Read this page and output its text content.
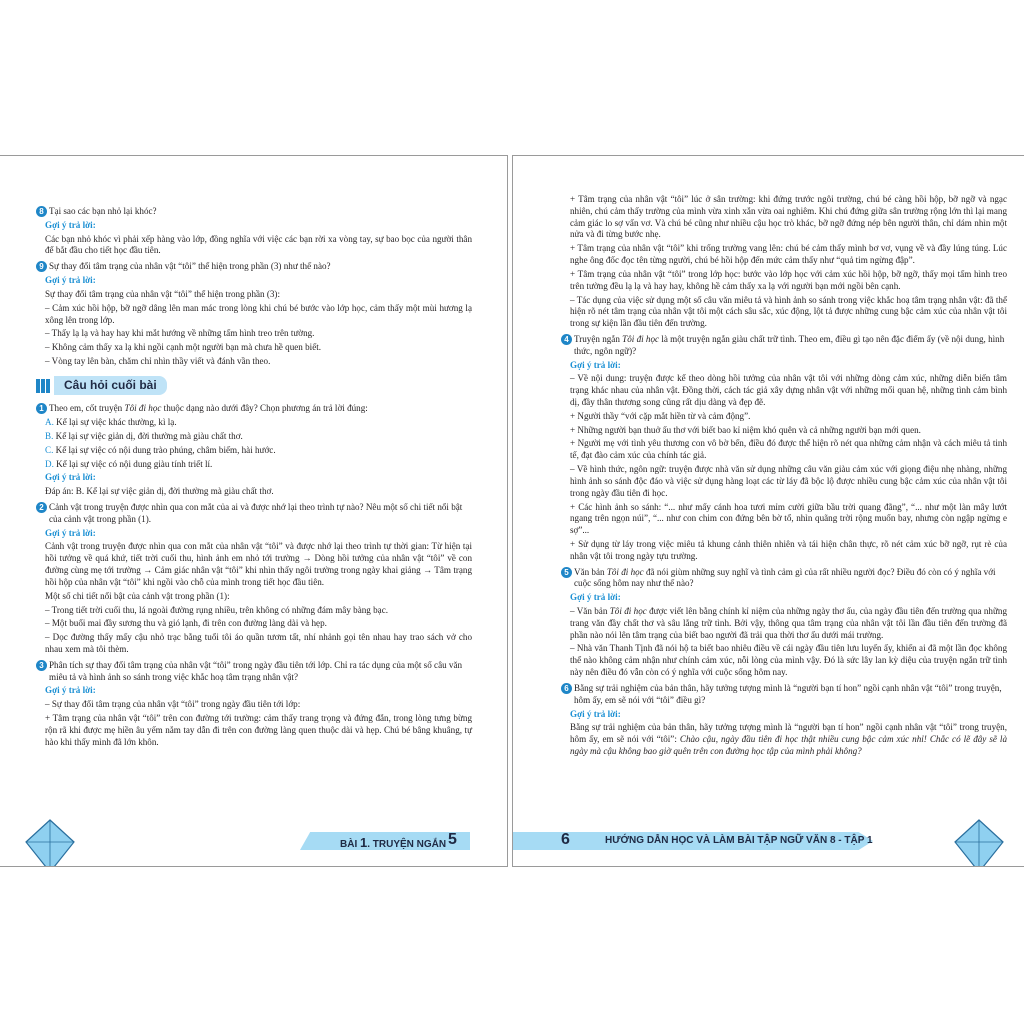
8 Tại sao các bạn nhỏ lại khóc?
Gợi ý trả lời:
Các bạn nhỏ khóc vì phải xếp hàng vào lớp, đồng nghĩa với việc các bạn rời xa vòng tay, sự bao bọc của người thân để bắt đầu cho tiết học đầu tiên.
9 Sự thay đổi tâm trạng của nhân vật “tôi” thể hiện trong phần (3) như thế nào?
Gợi ý trả lời:
Sự thay đổi tâm trạng của nhân vật “tôi” thể hiện trong phần (3):
– Cảm xúc hồi hộp, bỡ ngỡ dâng lên man mác trong lòng khi chú bé bước vào lớp học, cảm thấy một mùi hương lạ xông lên trong lớp.
– Thấy lạ lạ và hay hay khi mắt hướng về những tấm hình treo trên tường.
– Không cảm thấy xa lạ khi ngồi cạnh một người bạn mà chưa hề quen biết.
– Vòng tay lên bàn, chăm chỉ nhìn thầy viết và đánh vần theo.
Câu hỏi cuối bài
1 Theo em, cốt truyện Tôi đi học thuộc dạng nào dưới đây? Chọn phương án trả lời đúng:
A. Kể lại sự việc khác thường, kì lạ.
B. Kể lại sự việc giản dị, đời thường mà giàu chất thơ.
C. Kể lại sự việc có nội dung trào phúng, châm biếm, hài hước.
D. Kể lại sự việc có nội dung giàu tính triết lí.
Gợi ý trả lời:
Đáp án: B. Kể lại sự việc giản dị, đời thường mà giàu chất thơ.
2 Cảnh vật trong truyện được nhìn qua con mắt của ai và được nhớ lại theo trình tự nào? Nêu một số chi tiết nổi bật của cảnh vật trong phần (1).
Gợi ý trả lời:
Cảnh vật trong truyện được nhìn qua con mắt của nhân vật “tôi” và được nhớ lại theo trình tự thời gian: Từ hiện tại hồi tưởng về quá khứ, tiết trời cuối thu, hình ảnh em nhỏ tới trường → Dòng hồi tưởng của nhân vật “tôi” về con đường cùng mẹ tới trường → Cảm giác nhân vật “tôi” khi nhìn thấy ngôi trường trong ngày khai giảng → Tâm trạng hồi hộp của nhân vật “tôi” khi ngồi vào chỗ của mình trong tiết học đầu tiên.
Một số chi tiết nổi bật của cảnh vật trong phần (1):
– Trong tiết trời cuối thu, lá ngoài đường rụng nhiều, trên không có những đám mây bàng bạc.
– Một buổi mai đầy sương thu và gió lạnh, đi trên con đường làng dài và hẹp.
– Dọc đường thấy mấy cậu nhỏ trạc bằng tuổi tôi áo quần tươm tất, nhí nhảnh gọi tên nhau hay trao sách vở cho nhau xem mà tôi thèm.
3 Phân tích sự thay đổi tâm trạng của nhân vật “tôi” trong ngày đầu tiên tới lớp. Chỉ ra tác dụng của một số câu văn miêu tả và hình ảnh so sánh trong việc khắc hoạ tâm trạng nhân vật?
Gợi ý trả lời:
– Sự thay đổi tâm trạng của nhân vật “tôi” trong ngày đầu tiên tới lớp:
+ Tâm trạng của nhân vật “tôi” trên con đường tới trường: cảm thấy trang trọng và đứng đắn, trong lòng tưng bừng rộn rã khi được mẹ hiền âu yếm nắm tay dẫn đi trên con đường làng quen thuộc dài và hẹp. Chú bé bâng khuâng, tự hào khi thấy mình đã lớn khôn.
BÀI 1. TRUYỆN NGẮN 5
+ Tâm trạng của nhân vật “tôi” lúc ở sân trường: khi đứng trước ngôi trường, chú bé càng hồi hộp, bỡ ngỡ và ngạc nhiên, chú cảm thấy trường của mình vừa xinh xắn vừa oai nghiêm. Khi chú đứng giữa sân trường rộng lớn thì lại mang cảm giác lo sợ vẩn vơ. Và chú bé cũng như nhiều cậu học trò khác, bỡ ngỡ đứng nép bên người thân, chỉ dám nhìn một nửa và đi từng bước nhẹ.
+ Tâm trạng của nhân vật “tôi” khi trống trường vang lên: chú bé cảm thấy mình bơ vơ, vụng về và đầy lúng túng. Lúc nghe ông đốc đọc tên từng người, chú bé hồi hộp đến mức cảm thấy như “quả tim ngừng đập”.
+ Tâm trạng của nhân vật “tôi” trong lớp học: bước vào lớp học với cảm xúc hồi hộp, bỡ ngỡ, thấy mọi tấm hình treo trên tường đều lạ lạ và hay hay, không hề cảm thấy xa lạ với người bạn mới ngồi bên cạnh.
– Tác dụng của việc sử dụng một số câu văn miêu tả và hình ảnh so sánh trong việc khắc hoạ tâm trạng nhân vật: đã thể hiện rõ nét tâm trạng của nhân vật tôi một cách sâu sắc, xúc động, lột tả được những cung bậc cảm xúc của nhân vật tôi trong sự kiện lần đầu tiên đến trường.
4 Truyện ngắn Tôi đi học là một truyện ngắn giàu chất trữ tình. Theo em, điều gì tạo nên đặc điểm ấy (về nội dung, hình thức, ngôn ngữ)?
Gợi ý trả lời:
– Về nội dung: truyện được kể theo dòng hồi tưởng của nhân vật tôi với những dòng cảm xúc, những diễn biến tâm trạng khác nhau của nhân vật. Đồng thời, cách tác giả xây dựng nhân vật với những mối quan hệ, những tình cảm bình dị, đầy thân thương song cũng rất dịu dàng và đẹp đẽ.
+ Người thầy “với cặp mắt hiền từ và cảm động”.
+ Những người bạn thuở ấu thơ với biết bao kỉ niệm khó quên và cả những người bạn mới quen.
+ Người mẹ với tình yêu thương con vô bờ bến, điều đó được thể hiện rõ nét qua những cảm nhận và cách miêu tả tinh tế, đạt đào cảm xúc của chính tác giả.
– Về hình thức, ngôn ngữ: truyện được nhà văn sử dụng những câu văn giàu cảm xúc với giọng điệu nhẹ nhàng, những hình ảnh so sánh độc đáo và việc sử dụng hàng loạt các từ láy đã bộc lộ được nhiều cung bậc cảm xúc của nhân vật tôi trong ngày đầu tiên đi học.
+ Các hình ảnh so sánh: “... như mấy cánh hoa tươi mỉm cười giữa bầu trời quang đãng”, “... như một làn mây lướt ngang trên ngọn núi”, “... như con chim con đứng bên bờ tổ, nhìn quãng trời rộng muốn bay, nhưng còn ngập ngừng e sợ”...
+ Sử dụng từ láy trong việc miêu tả khung cảnh thiên nhiên và tái hiện chân thực, rõ nét cảm xúc bỡ ngỡ, rụt rè của nhân vật tôi trong ngày tựu trường.
5 Văn bản Tôi đi học đã nói giùm những suy nghĩ và tình cảm gì của rất nhiều người đọc? Điều đó còn có ý nghĩa với cuộc sống hôm nay như thế nào?
Gợi ý trả lời:
– Văn bản Tôi đi học được viết lên bằng chính kỉ niệm của những ngày thơ ấu, của ngày đầu tiên đến trường qua những trang văn đầy chất thơ và sâu lắng trữ tình. Bởi vậy, thông qua tâm trạng của nhân vật tôi lần đầu tiên đến trường đã phần nào nói lên tâm trạng của biết bao người đã trải qua thời thơ ấu dưới mái trường.
– Nhà văn Thanh Tịnh đã nói hộ ta biết bao nhiêu điều về cái ngày đầu tiên lưu luyến ấy, khiến ai đã một lần đọc không thể nào không cảm nhận như chính cảm xúc, nỗi lòng của mình vậy. Đó là sức lây lan kỳ diệu của truyện ngắn trữ tình này nên điều đó vẫn còn có ý nghĩa với cuộc sống hôm nay.
6 Bằng sự trải nghiệm của bản thân, hãy tưởng tượng mình là “người bạn tí hon” ngồi cạnh nhân vật “tôi” trong truyện, hôm ấy, em sẽ nói với “tôi” điều gì?
Gợi ý trả lời:
Bằng sự trải nghiệm của bản thân, hãy tưởng tượng mình là “người bạn tí hon” ngồi cạnh nhân vật “tôi” trong truyện, hôm ấy, em sẽ nói với “tôi”: Chào cậu, ngày đầu tiên đi học thật nhiều cung bậc cảm xúc nhỉ! Chắc có lẽ đây sẽ là ngày mà cậu không bao giờ quên trên con đường học tập của mình phải không?
6	HƯỚNG DẪN HỌC VÀ LÀM BÀI TẬP NGỮ VĂN 8 - TẬP 1
